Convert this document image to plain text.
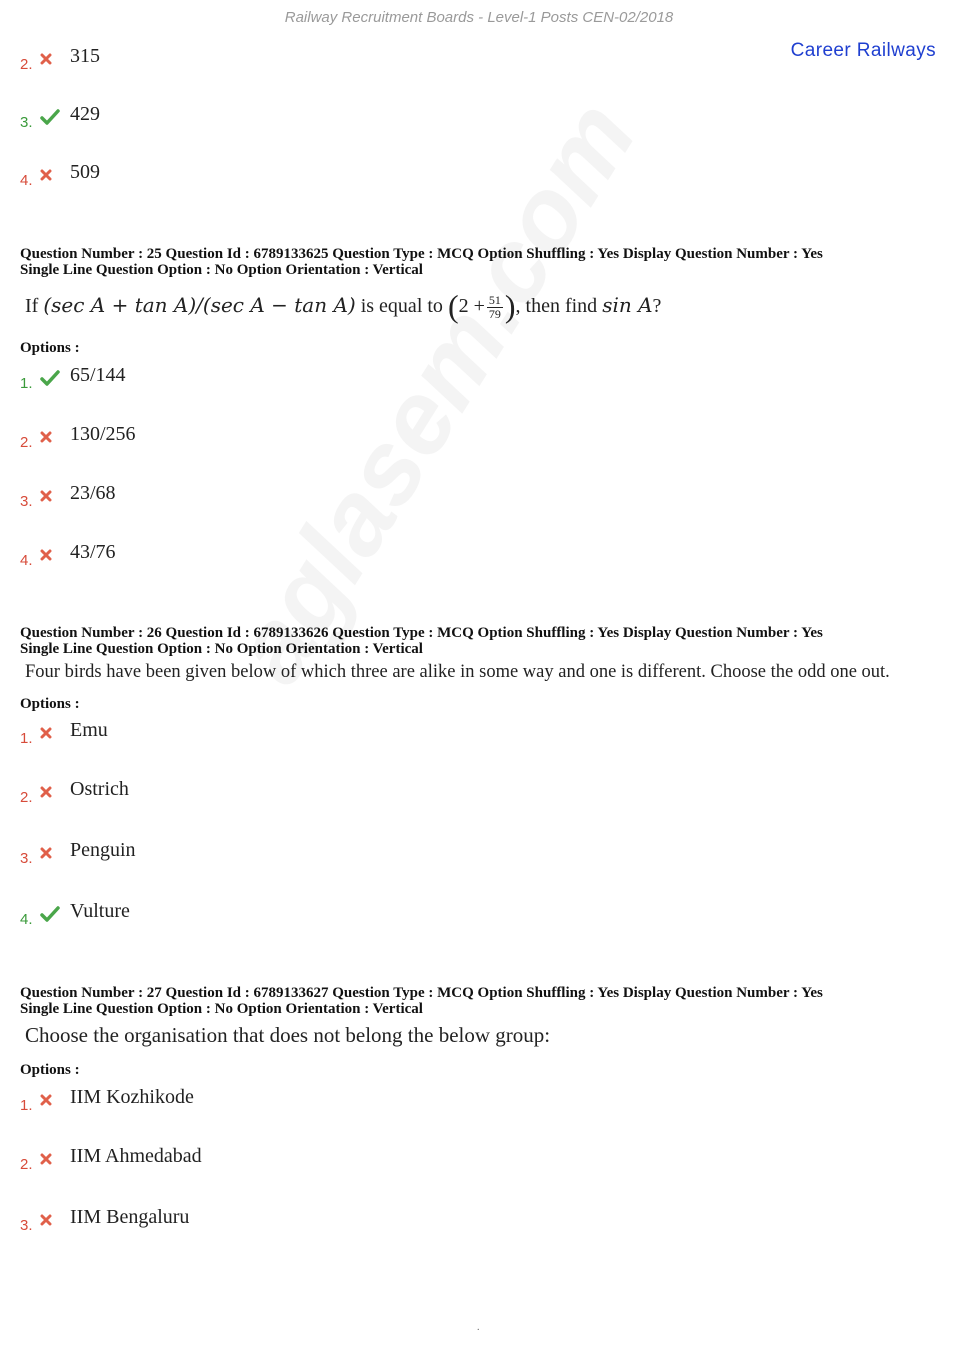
Railway Recruitment Boards - Level-1 Posts CEN-02/2018
Career Railways
2.	315
3.	429
4.	509
Question Number : 25 Question Id : 6789133625 Question Type : MCQ Option Shuffling : Yes Display Question Number : Yes
Single Line Question Option : No Option Orientation : Vertical
If (sec A + tan A)/(sec A − tan A) is equal to ($2 + \frac{51}{79}$ ), then find sin A?
Options :
1.	65/144
2.	130/256
3.	23/68
4.	43/76
Question Number : 26 Question Id : 6789133626 Question Type : MCQ Option Shuffling : Yes Display Question Number : Yes
Single Line Question Option : No Option Orientation : Vertical
Four birds have been given below of which three are alike in some way and one is different. Choose the odd one out.
Options :
1.	Emu
2.	Ostrich
3.	Penguin
4.	Vulture
Question Number : 27 Question Id : 6789133627 Question Type : MCQ Option Shuffling : Yes Display Question Number : Yes
Single Line Question Option : No Option Orientation : Vertical
Choose the organisation that does not belong the below group:
Options :
1.	IIM Kozhikode
2.	IIM Ahmedabad
3.	IIM Bengaluru
.
